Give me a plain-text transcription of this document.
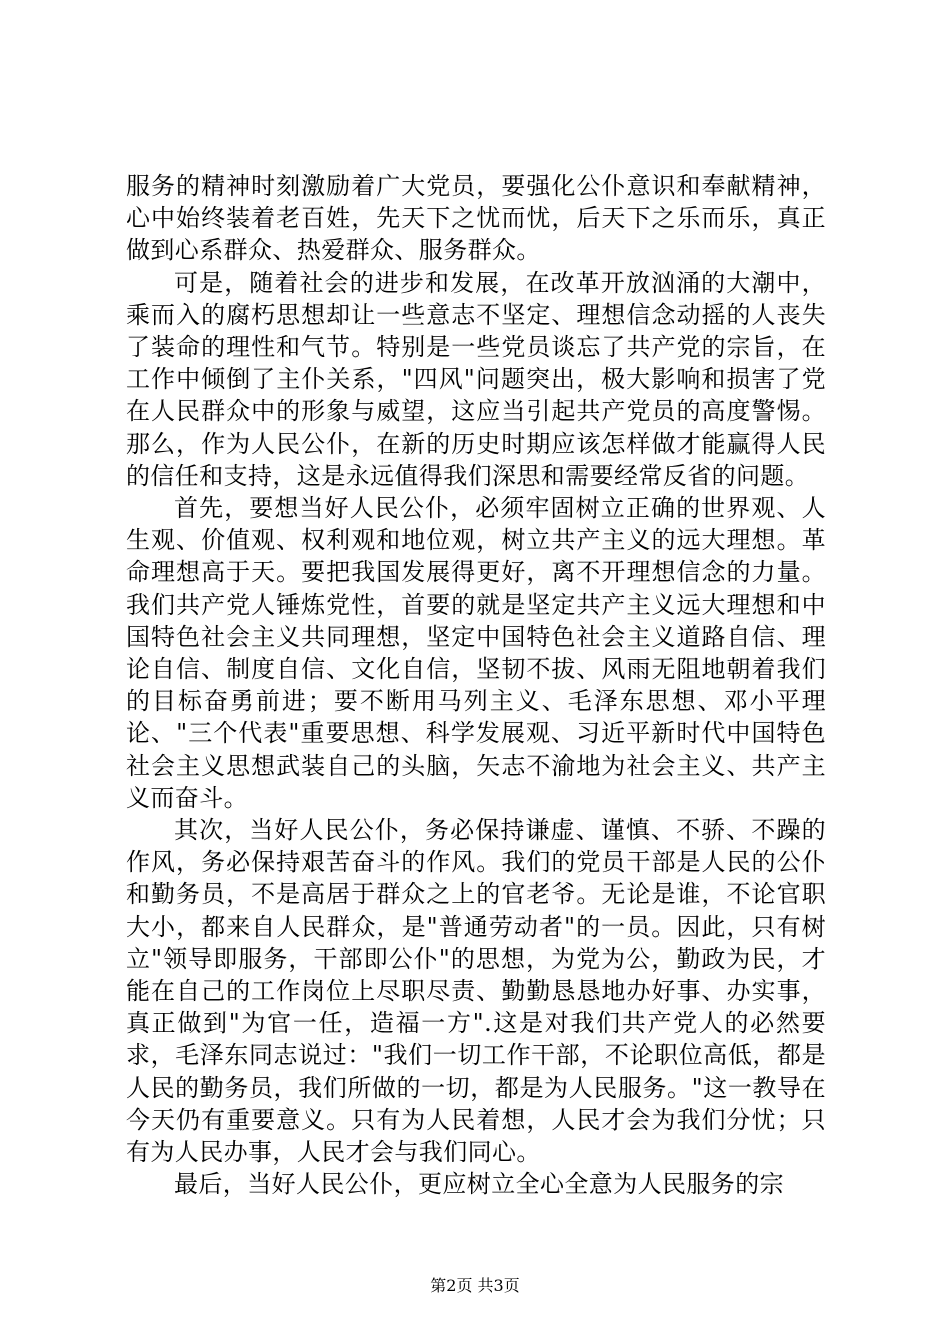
服务的精神时刻激励着广大党员，要强化公仆意识和奉献精神，心中始终装着老百姓，先天下之忧而忧，后天下之乐而乐，真正做到心系群众、热爱群众、服务群众。

可是，随着社会的进步和发展，在改革开放汹涌的大潮中，乘而入的腐朽思想却让一些意志不坚定、理想信念动摇的人丧失了装命的理性和气节。特别是一些党员谈忘了共产党的宗旨，在工作中倾倒了主仆关系，"四风"问题突出，极大影响和损害了党在人民群众中的形象与威望，这应当引起共产党员的高度警惕。那么，作为人民公仆，在新的历史时期应该怎样做才能赢得人民的信任和支持，这是永远值得我们深思和需要经常反省的问题。

首先，要想当好人民公仆，必须牢固树立正确的世界观、人生观、价值观、权利观和地位观，树立共产主义的远大理想。革命理想高于天。要把我国发展得更好，离不开理想信念的力量。我们共产党人锤炼党性，首要的就是坚定共产主义远大理想和中国特色社会主义共同理想，坚定中国特色社会主义道路自信、理论自信、制度自信、文化自信，坚韧不拔、风雨无阻地朝着我们的目标奋勇前进；要不断用马列主义、毛泽东思想、邓小平理论、"三个代表"重要思想、科学发展观、习近平新时代中国特色社会主义思想武装自己的头脑，矢志不渝地为社会主义、共产主义而奋斗。

其次，当好人民公仆，务必保持谦虚、谨慎、不骄、不躁的作风，务必保持艰苦奋斗的作风。我们的党员干部是人民的公仆和勤务员，不是高居于群众之上的官老爷。无论是谁，不论官职大小，都来自人民群众，是"普通劳动者"的一员。因此，只有树立"领导即服务，干部即公仆"的思想，为党为公，勤政为民，才能在自己的工作岗位上尽职尽责、勤勤恳恳地办好事、办实事，真正做到"为官一任，造福一方".这是对我们共产党人的必然要求，毛泽东同志说过："我们一切工作干部，不论职位高低，都是人民的勤务员，我们所做的一切，都是为人民服务。"这一教导在今天仍有重要意义。只有为人民着想，人民才会为我们分忧；只有为人民办事，人民才会与我们同心。

最后，当好人民公仆，更应树立全心全意为人民服务的宗

第2页 共3页
